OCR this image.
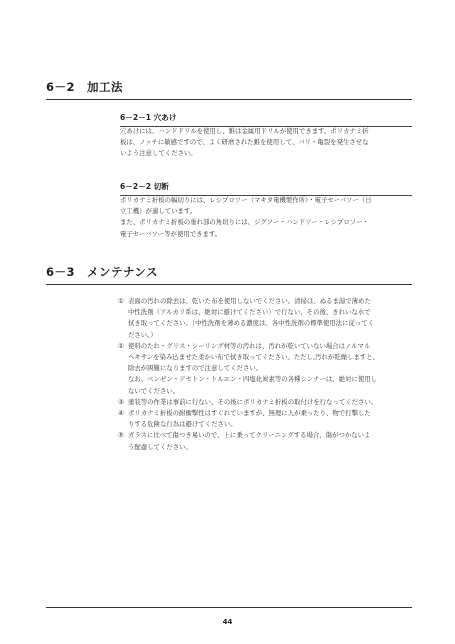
6－2　加工法
6－2－1 穴あけ

穴あけには、ハンドドリルを使用し、錐は金属用ドリルが使用できます。ポリカナミ折

板は、ノッチに敏感ですので、よく研磨された錐を使用して、バリ・亀裂を発生させな

いよう注意してください。

6－2－2 切断

ポリカナミ折板の幅切りには、レシプロソー（マキタ電機製作所）・電子セーバソー（日

立工機）が適しています。

また、ポリカナミ折板の垂れ部の角切りには、ジグソー・ハンドソー・レシプロソー・

電子セーバソー等が使用できます。

6－3　メンテナンス
① 表面の汚れの除去は、乾いた布を使用しないでください。清掃は、ぬるま湯で薄めた

中性洗剤（アルカリ系は、絶対に避けてください）で行ない、その後、きれいな水で

拭き取ってください。（中性洗剤を薄める濃度は、各中性洗剤の標準使用法に従ってく

ださい。）

② 使料のたれ・グリス・シーリング材等の汚れは、汚れが乾いていない場合はノルマル

ヘキサンを染み込ませた柔かい布で拭き取ってください。ただし,汚れが乾燥しますと、

除去が困難になりますので注意してください。

なお、ベンゼン・アセトン・トルエン・四塩化炭素等の各種シンナーは、絶対に使用し

ないでください。

③ 塗装等の作業は事前に行ない、その後にポリカナミ折板の取付けを行なってください。

④ ポリカナミ折板の耐衝撃性はすぐれていますが、無理に人が乗ったり、物で打撃した

りする危険な行為は避けてください。

⑤ ガラスに比べて傷つき易いので、上に乗ってクリーニングする場合、傷がつかないよ

う配慮してください。

44
